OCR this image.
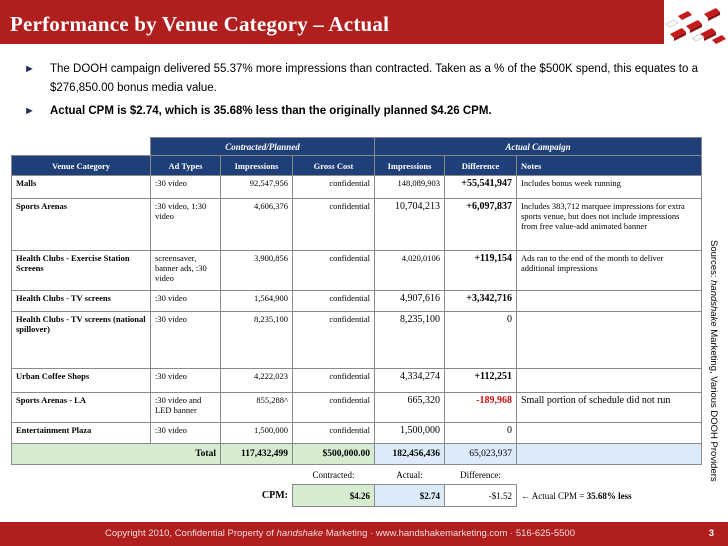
Performance by Venue Category – Actual
► The DOOH campaign delivered 55.37% more impressions than contracted. Taken as a % of the $500K spend, this equates to a $276,850.00 bonus media value.
► Actual CPM is $2.74, which is 35.68% less than the originally planned $4.26 CPM.
	Contracted/Planned			Actual Campaign		
Venue Category	Ad Types	Impressions	Gross Cost	Impressions	Difference	Notes
Malls	:30 video	92,547,956	confidential	148,089,903	+55,541,947	Includes bonus week running
Sports Arenas	:30 video, 1:30 video	4,606,376	confidential	10,704,213	+6,097,837	Includes 383,712 marquee impressions for extra sports venue, but does not include impressions from free value-add animated banner
Health Clubs - Exercise Station Screens	screensaver, banner ads, :30 video	3,900,856	confidential	4,020,0106	+119,154	Ads ran to the end of the month to deliver additional impressions
Health Clubs - TV screens	:30 video	1,564,900	confidential	4,907,616	+3,342,716	
Health Clubs - TV screens (national spillover)	:30 video	8,235,100	confidential	8,235,100	0	
Urban Coffee Shops	:30 video	4,222,023	confidential	4,334,274	+112,251	
Sports Arenas - LA	:30 video and LED banner	855,288^	confidential	665,320	-189,968	Small portion of schedule did not run
Entertainment Plaza	:30 video	1,500,000	confidential	1,500,000	0	
Total		117,432,499	$500,000.00	182,456,436	65,023,937	
			Contracted:	Actual:	Difference:	
CPM:			$4.26	$2.74	-$1.52	← Actual CPM = 35.68% less
Sources: handshake Marketing, Various DOOH Providers
Copyright 2010, Confidential Property of handshake Marketing · www.handshakemarketing.com · 516-625-5500	3
